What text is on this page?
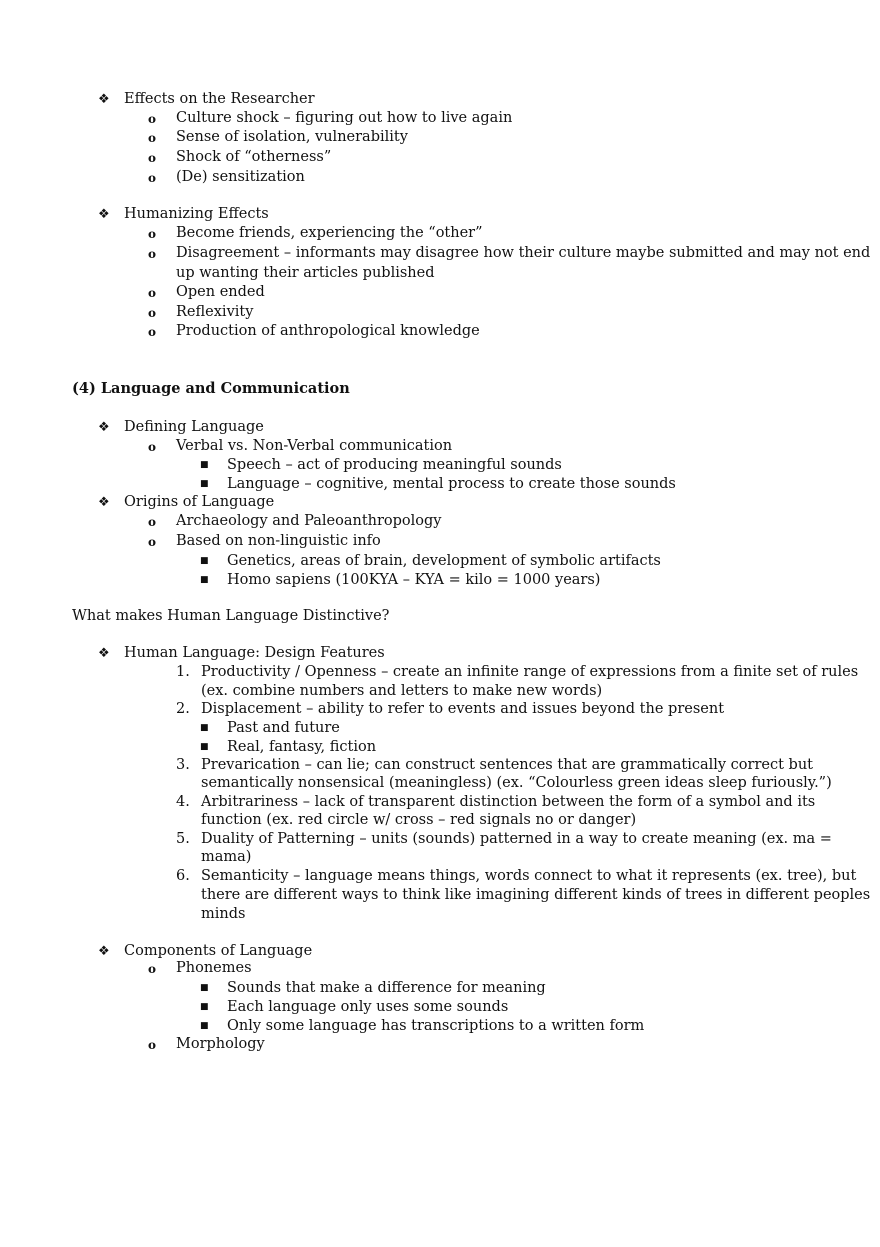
❖ Effects on the Researcher
o Culture shock – figuring out how to live again
o Sense of isolation, vulnerability
o Shock of “otherness”
o (De) sensitization
❖ Humanizing Effects
o Become friends, experiencing the “other”
o Disagreement – informants may disagree how their culture maybe submitted and may not end
up wanting their articles published
o Open ended
o Reflexivity
o Production of anthropological knowledge
(4) Language and Communication
❖ Defining Language
o Verbal vs. Non-Verbal communication
■ Speech – act of producing meaningful sounds
■ Language – cognitive, mental process to create those sounds
❖ Origins of Language
o Archaeology and Paleoanthropology
o Based on non-linguistic info
■ Genetics, areas of brain, development of symbolic artifacts
■ Homo sapiens (100KYA – KYA = kilo = 1000 years)
What makes Human Language Distinctive?
❖ Human Language: Design Features
1. Productivity / Openness – create an infinite range of expressions from a finite set of rules
(ex. combine numbers and letters to make new words)
2. Displacement – ability to refer to events and issues beyond the present
■ Past and future
■ Real, fantasy, fiction
3. Prevarication – can lie; can construct sentences that are grammatically correct but
semantically nonsensical (meaningless) (ex. “Colourless green ideas sleep furiously.”)
4. Arbitrariness – lack of transparent distinction between the form of a symbol and its
function (ex. red circle w/ cross – red signals no or danger)
5. Duality of Patterning – units (sounds) patterned in a way to create meaning (ex. ma =
mama)
6. Semanticity – language means things, words connect to what it represents (ex. tree), but
there are different ways to think like imagining different kinds of trees in different peoples
minds
❖ Components of Language
o Phonemes
■ Sounds that make a difference for meaning
■ Each language only uses some sounds
■ Only some language has transcriptions to a written form
o Morphology
